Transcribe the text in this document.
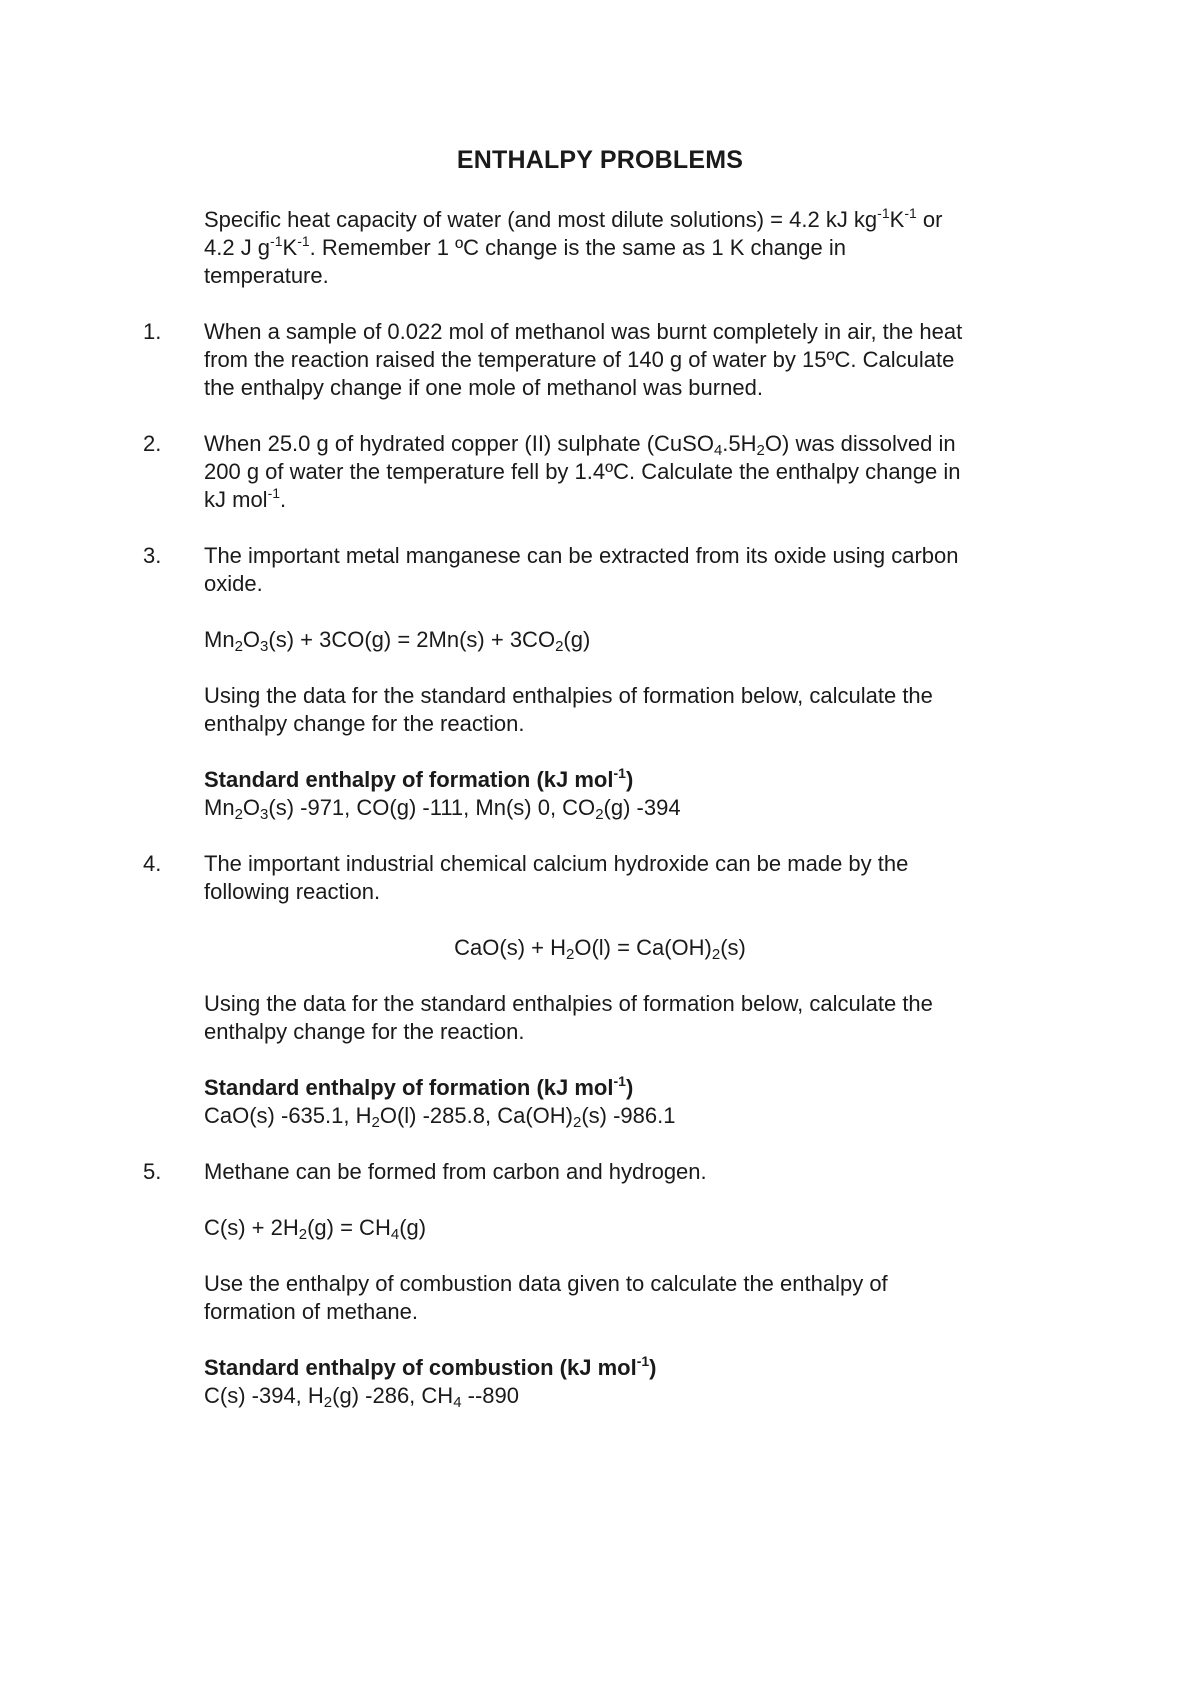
ENTHALPY PROBLEMS
Specific heat capacity of water (and most dilute solutions) = 4.2 kJ $kg^{-1}K^{-1}$ or
4.2 J $g^{-1}K^{-1}$. Remember 1 ºC change is the same as 1 K change in
temperature.
1. When a sample of 0.022 mol of methanol was burnt completely in air, the heat
from the reaction raised the temperature of 140 g of water by 15ºC. Calculate
the enthalpy change if one mole of methanol was burned.
2. When 25.0 g of hydrated copper (II) sulphate $(CuSO_4.5H_2O)$ was dissolved in
200 g of water the temperature fell by 1.4ºC. Calculate the enthalpy change in
kJ mol$^{-1}$.
3. The important metal manganese can be extracted from its oxide using carbon
oxide.
$Mn_2O_3(s) + 3CO(g) = 2Mn(s) + 3CO_2(g)$
Using the data for the standard enthalpies of formation below, calculate the
enthalpy change for the reaction.
Standard enthalpy of formation (kJ mol$^{-1}$)
$Mn_2O_3(s)$ -971, CO(g) -111, Mn(s) 0, $CO_2(g)$ -394
4. The important industrial chemical calcium hydroxide can be made by the
following reaction.
$CaO(s) + H_2O(l) = Ca(OH)_2(s)$
Using the data for the standard enthalpies of formation below, calculate the
enthalpy change for the reaction.
Standard enthalpy of formation (kJ mol$^{-1}$)
CaO(s) -635.1, $H_2O(l)$ -285.8, $Ca(OH)_2(s)$ -986.1
5. Methane can be formed from carbon and hydrogen.
$C(s) + 2H_2(g) = CH_4(g)$
Use the enthalpy of combustion data given to calculate the enthalpy of
formation of methane.
Standard enthalpy of combustion (kJ mol$^{-1}$)
C(s) -394, $H_2(g)$ -286, $CH_4$ --890
